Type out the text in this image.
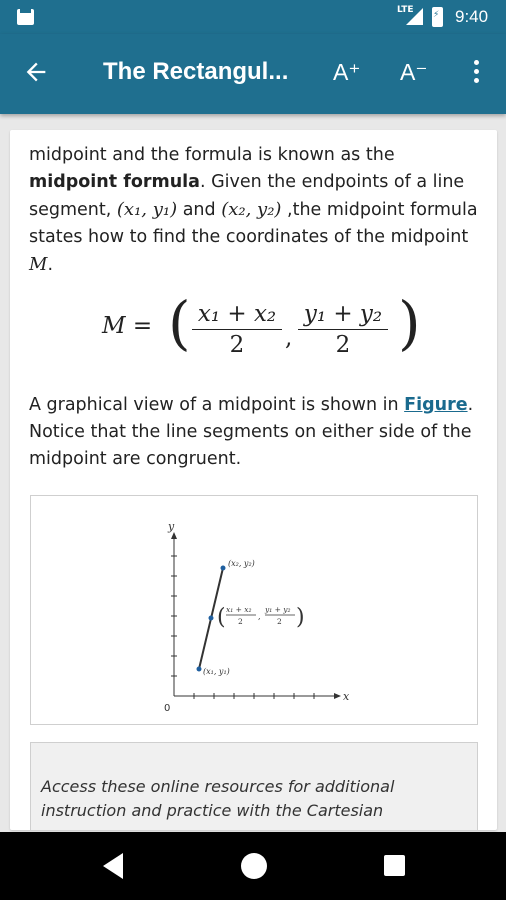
LTE
⚡ 9:40
The Rectangul...	A⁺ A⁻
midpoint and the formula is known as the midpoint formula. Given the endpoints of a line segment, (x₁, y₁) and (x₂, y₂) ,the midpoint formula states how to find the coordinates of the midpoint M.
M = ( $\frac{\text{x₁ + x₂}}{2}$ , $\frac{\text{y₁ + y₂}}{2}$ )
A graphical view of a midpoint is shown in Figure. Notice that the line segments on either side of the midpoint are congruent.
y
x
0
(x₂, y₂)
(x₁, y₁)
( x₁ + x₂
2
,
y₁ + y₂
2 )
Access these online resources for additional instruction and practice with the Cartesian
